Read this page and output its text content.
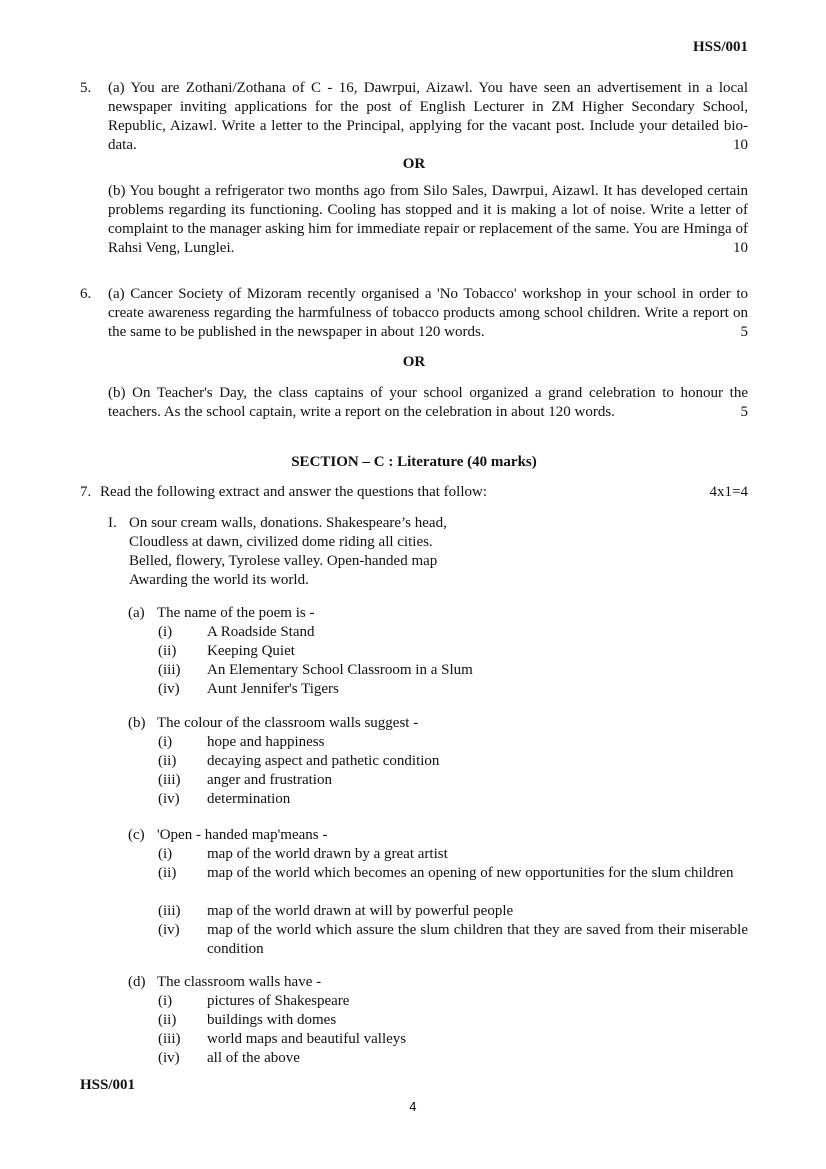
HSS/001
5. (a) You are Zothani/Zothana of C - 16, Dawrpui, Aizawl. You have seen an advertisement in a local newspaper inviting applications for the post of English Lecturer in ZM Higher Secondary School, Republic, Aizawl. Write a letter to the Principal, applying for the vacant post. Include your detailed bio-data.	10
OR
(b) You bought a refrigerator two months ago from Silo Sales, Dawrpui, Aizawl. It has developed certain problems regarding its functioning. Cooling has stopped and it is making a lot of noise. Write a letter of complaint to the manager asking him for immediate repair or replacement of the same. You are Hminga of Rahsi Veng, Lunglei.	10
6. (a) Cancer Society of Mizoram recently organised a 'No Tobacco' workshop in your school in order to create awareness regarding the harmfulness of tobacco products among school children. Write a report on the same to be published in the newspaper in about 120 words.	5
OR
(b) On Teacher's Day, the class captains of your school organized a grand celebration to honour the teachers. As the school captain, write a report on the celebration in about 120 words.	5
SECTION – C : Literature (40 marks)
7. Read the following extract and answer the questions that follow:	4x1=4
I. On sour cream walls, donations. Shakespeare’s head,
Cloudless at dawn, civilized dome riding all cities.
Belled, flowery, Tyrolese valley. Open-handed map
Awarding the world its world.
(a) The name of the poem is -
(i) A Roadside Stand
(ii) Keeping Quiet
(iii) An Elementary School Classroom in a Slum
(iv) Aunt Jennifer's Tigers
(b) The colour of the classroom walls suggest -
(i) hope and happiness
(ii) decaying aspect and pathetic condition
(iii) anger and frustration
(iv) determination
(c) 'Open - handed map'means -
(i) map of the world drawn by a great artist
(ii) map of the world which becomes an opening of new opportunities for the slum children
(iii) map of the world drawn at will by powerful people
(iv) map of the world which assure the slum children that they are saved from their miserable condition
(d) The classroom walls have -
(i) pictures of Shakespeare
(ii) buildings with domes
(iii) world maps and beautiful valleys
(iv) all of the above
HSS/001
4
